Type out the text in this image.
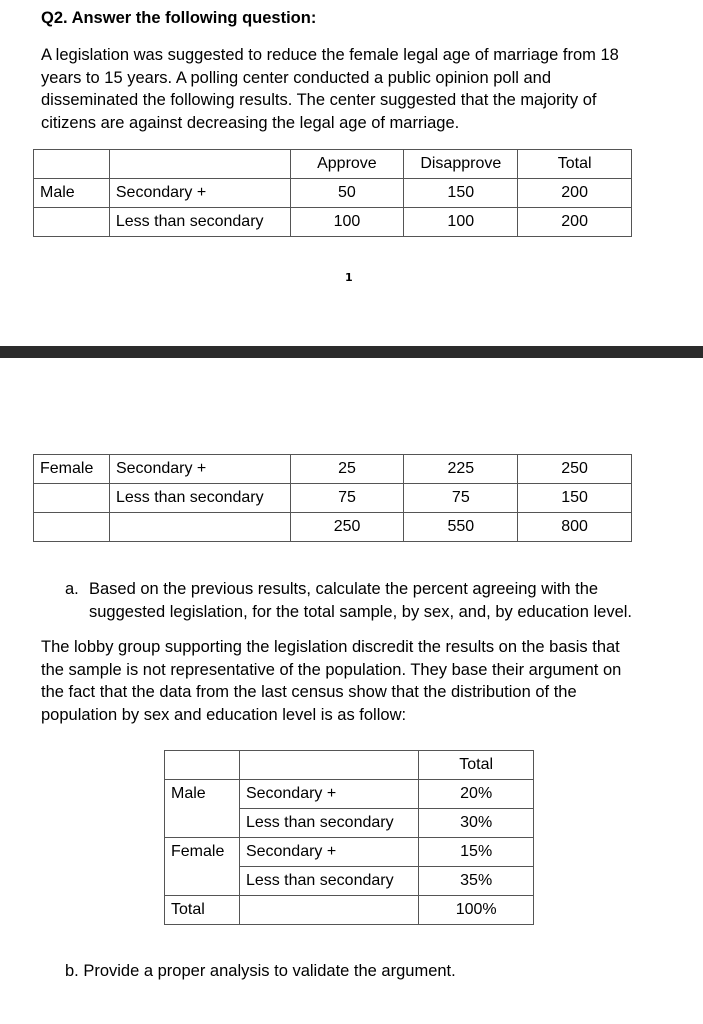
Q2. Answer the following question:
A legislation was suggested to reduce the female legal age of marriage from 18
years to 15 years. A polling center conducted a public opinion poll and
disseminated the following results. The center suggested that the majority of
citizens are against decreasing the legal age of marriage.
		Approve	Disapprove	Total
Male	Secondary +	50	150	200
	Less than secondary	100	100	200
1
Female	Secondary +	25	225	250
	Less than secondary	75	75	150
		250	550	800
a. Based on the previous results, calculate the percent agreeing with the
suggested legislation, for the total sample, by sex, and, by education level.
The lobby group supporting the legislation discredit the results on the basis that
the sample is not representative of the population. They base their argument on
the fact that the data from the last census show that the distribution of the
population by sex and education level is as follow:
		Total
Male	Secondary +	20%
	Less than secondary	30%
Female	Secondary +	15%
	Less than secondary	35%
Total		100%
b. Provide a proper analysis to validate the argument.
